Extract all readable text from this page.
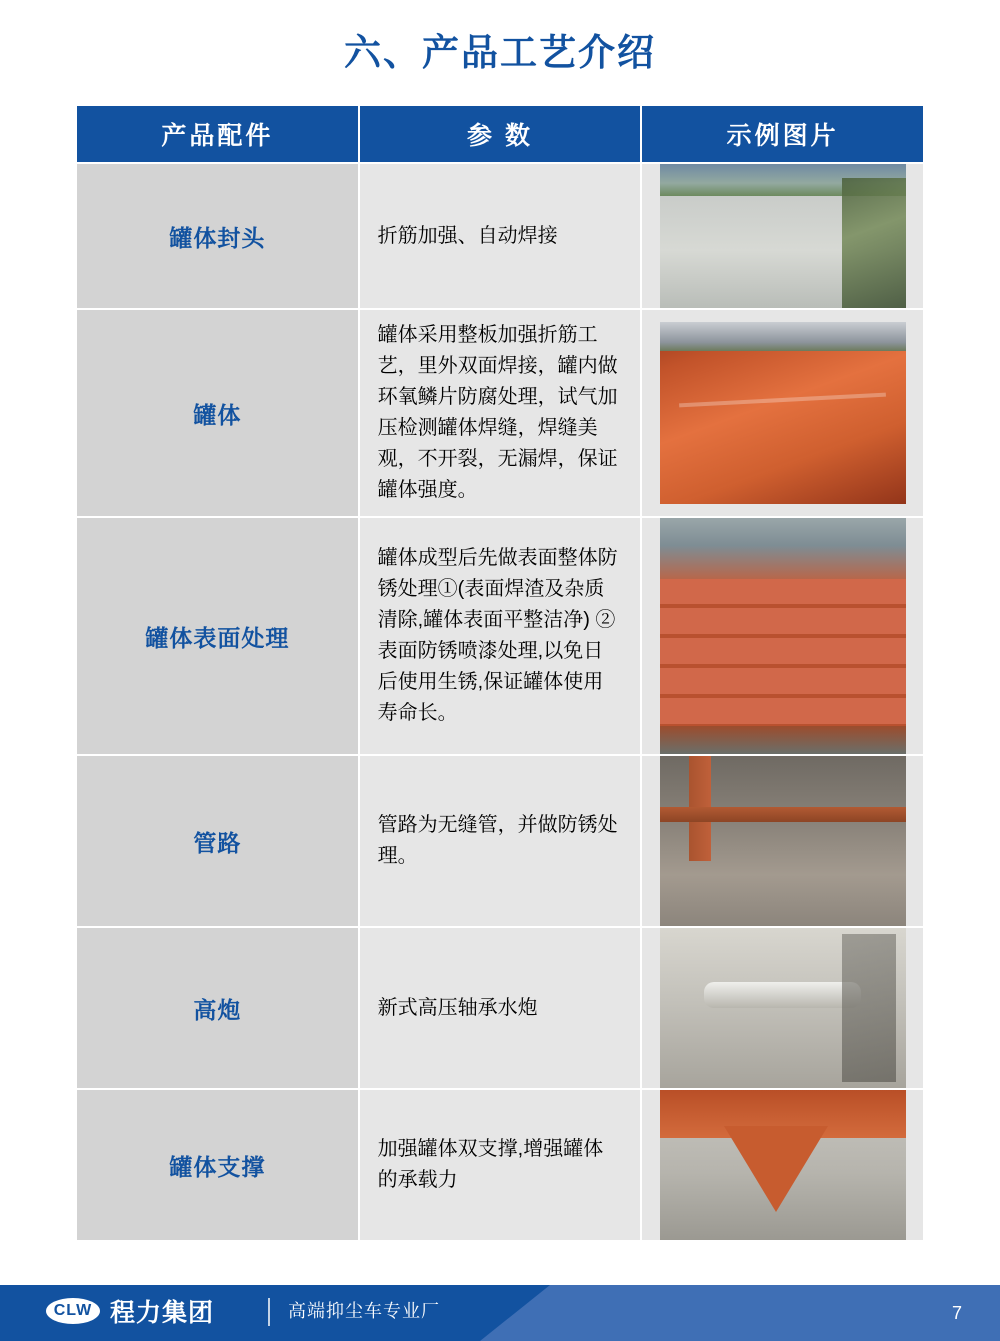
六、产品工艺介绍
产品配件	参 数	示例图片
罐体封头	折筋加强、自动焊接	
罐体	罐体采用整板加强折筋工艺，里外双面焊接，罐内做环氧鳞片防腐处理，试气加压检测罐体焊缝，焊缝美观，不开裂，无漏焊，保证罐体强度。	
罐体表面处理	罐体成型后先做表面整体防锈处理①(表面焊渣及杂质清除,罐体表面平整洁净) ②表面防锈喷漆处理,以免日后使用生锈,保证罐体使用寿命长。	
管路	管路为无缝管，并做防锈处理。	
高炮	新式高压轴承水炮	
罐体支撑	加强罐体双支撑,增强罐体的承载力	
CLW 程力集团	高端抑尘车专业厂	7
